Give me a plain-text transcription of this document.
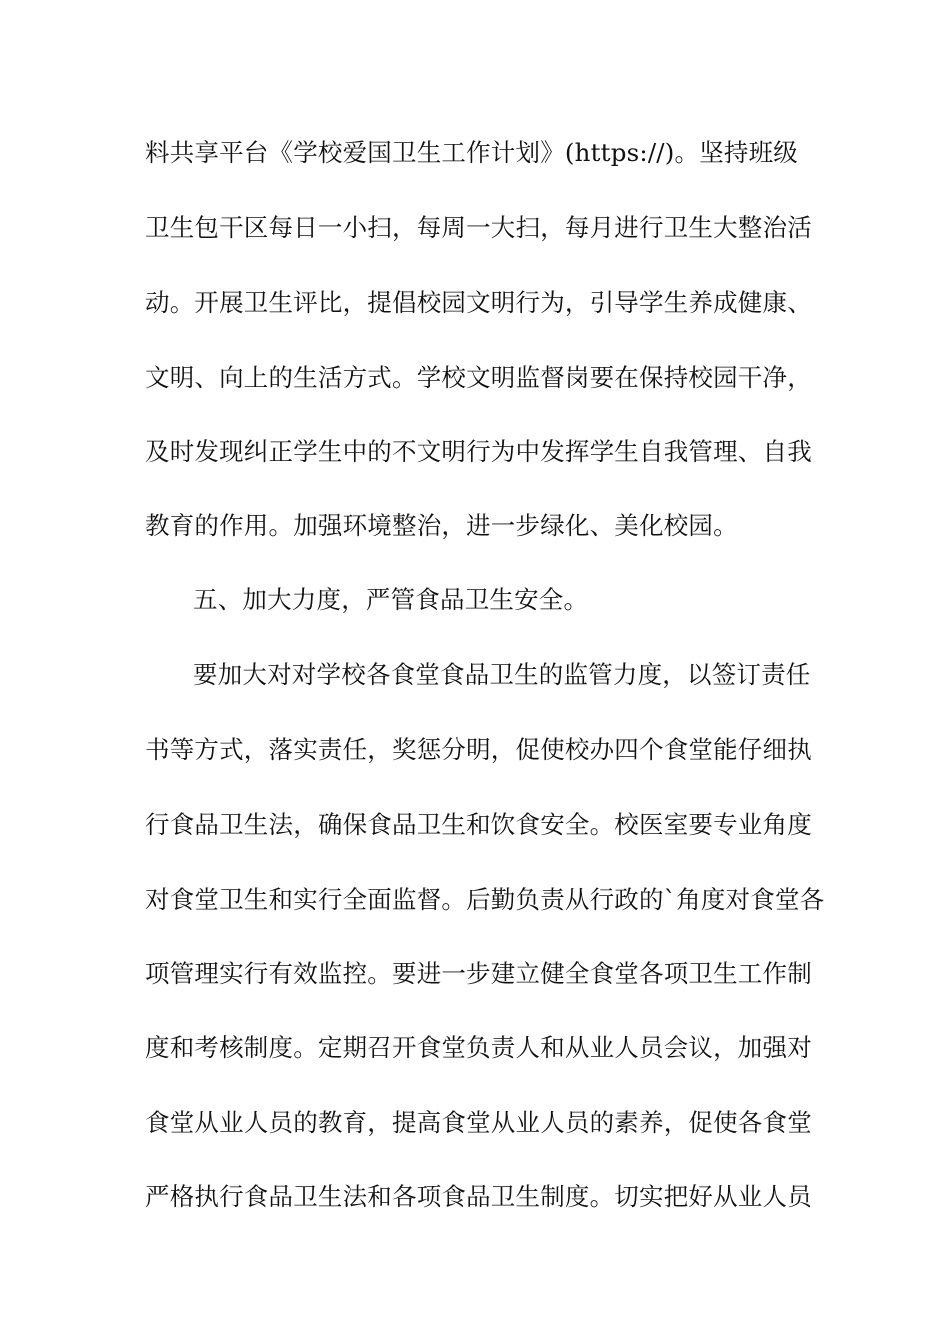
料共享平台《学校爱国卫生工作计划》(https://)。坚持班级
卫生包干区每日一小扫，每周一大扫，每月进行卫生大整治活
动。开展卫生评比，提倡校园文明行为，引导学生养成健康、
文明、向上的生活方式。学校文明监督岗要在保持校园干净，
及时发现纠正学生中的不文明行为中发挥学生自我管理、自我
教育的作用。加强环境整治，进一步绿化、美化校园。
五、加大力度，严管食品卫生安全。
要加大对对学校各食堂食品卫生的监管力度，以签订责任
书等方式，落实责任，奖惩分明，促使校办四个食堂能仔细执
行食品卫生法，确保食品卫生和饮食安全。校医室要专业角度
对食堂卫生和实行全面监督。后勤负责从行政的`角度对食堂各
项管理实行有效监控。要进一步建立健全食堂各项卫生工作制
度和考核制度。定期召开食堂负责人和从业人员会议，加强对
食堂从业人员的教育，提高食堂从业人员的素养，促使各食堂
严格执行食品卫生法和各项食品卫生制度。切实把好从业人员
